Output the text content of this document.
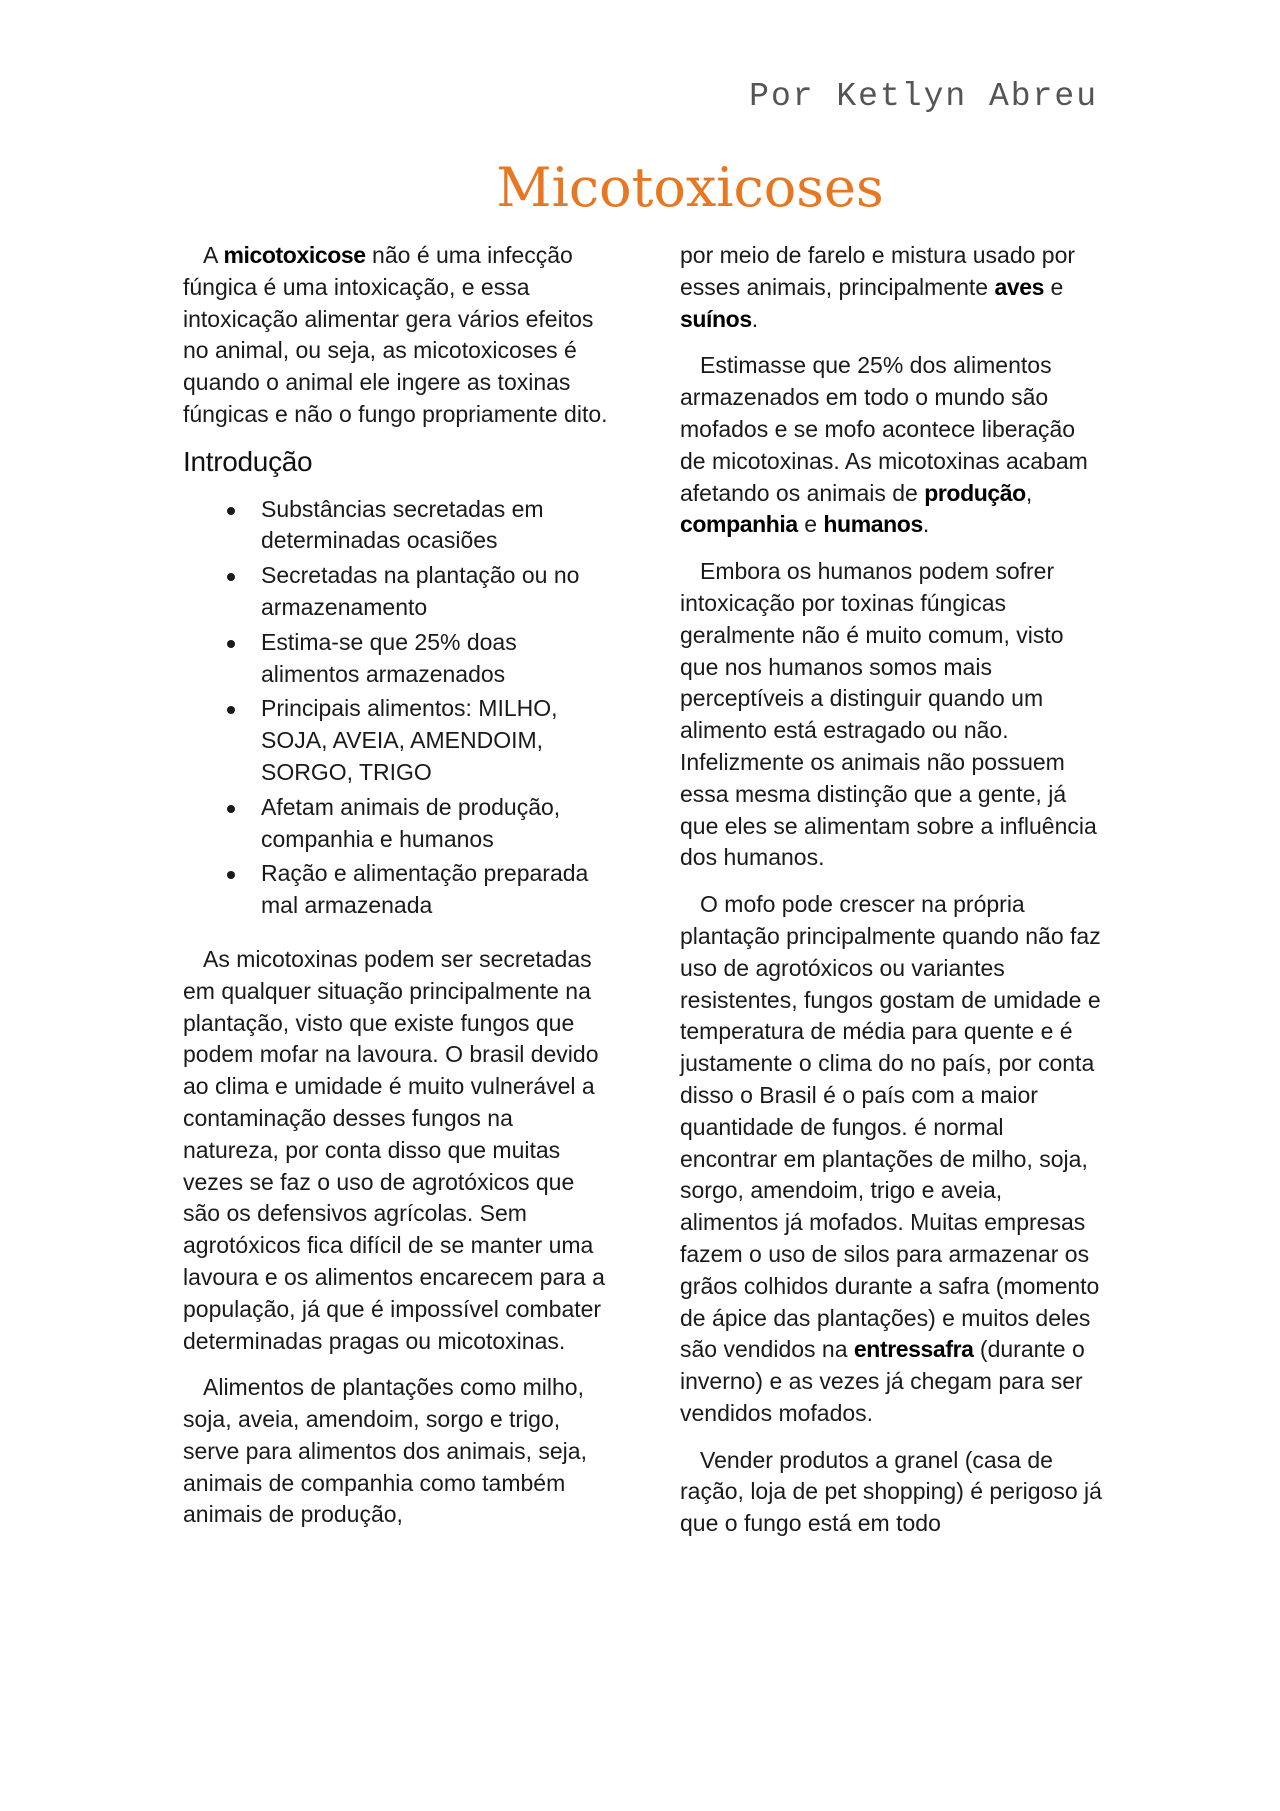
Por Ketlyn Abreu
Micotoxicoses

A micotoxicose não é uma infecção fúngica é uma intoxicação, e essa intoxicação alimentar gera vários efeitos no animal, ou seja, as micotoxicoses é quando o animal ele ingere as toxinas fúngicas e não o fungo propriamente dito.

Introdução
Substâncias secretadas em determinadas ocasiões
Secretadas na plantação ou no armazenamento
Estima-se que 25% doas alimentos armazenados
Principais alimentos: MILHO, SOJA, AVEIA, AMENDOIM, SORGO, TRIGO
Afetam animais de produção, companhia e humanos
Ração e alimentação preparada mal armazenada

As micotoxinas podem ser secretadas em qualquer situação principalmente na plantação, visto que existe fungos que podem mofar na lavoura. O brasil devido ao clima e umidade é muito vulnerável a contaminação desses fungos na natureza, por conta disso que muitas vezes se faz o uso de agrotóxicos que são os defensivos agrícolas. Sem agrotóxicos fica difícil de se manter uma lavoura e os alimentos encarecem para a população, já que é impossível combater determinadas pragas ou micotoxinas.

Alimentos de plantações como milho, soja, aveia, amendoim, sorgo e trigo, serve para alimentos dos animais, seja, animais de companhia como também animais de produção,

por meio de farelo e mistura usado por esses animais, principalmente aves e suínos.

Estimasse que 25% dos alimentos armazenados em todo o mundo são mofados e se mofo acontece liberação de micotoxinas. As micotoxinas acabam afetando os animais de produção, companhia e humanos.

Embora os humanos podem sofrer intoxicação por toxinas fúngicas geralmente não é muito comum, visto que nos humanos somos mais perceptíveis a distinguir quando um alimento está estragado ou não. Infelizmente os animais não possuem essa mesma distinção que a gente, já que eles se alimentam sobre a influência dos humanos.

O mofo pode crescer na própria plantação principalmente quando não faz uso de agrotóxicos ou variantes resistentes, fungos gostam de umidade e temperatura de média para quente e é justamente o clima do no país, por conta disso o Brasil é o país com a maior quantidade de fungos. é normal encontrar em plantações de milho, soja, sorgo, amendoim, trigo e aveia, alimentos já mofados. Muitas empresas fazem o uso de silos para armazenar os grãos colhidos durante a safra (momento de ápice das plantações) e muitos deles são vendidos na entressafra (durante o inverno) e as vezes já chegam para ser vendidos mofados.

Vender produtos a granel (casa de ração, loja de pet shopping) é perigoso já que o fungo está em todo
